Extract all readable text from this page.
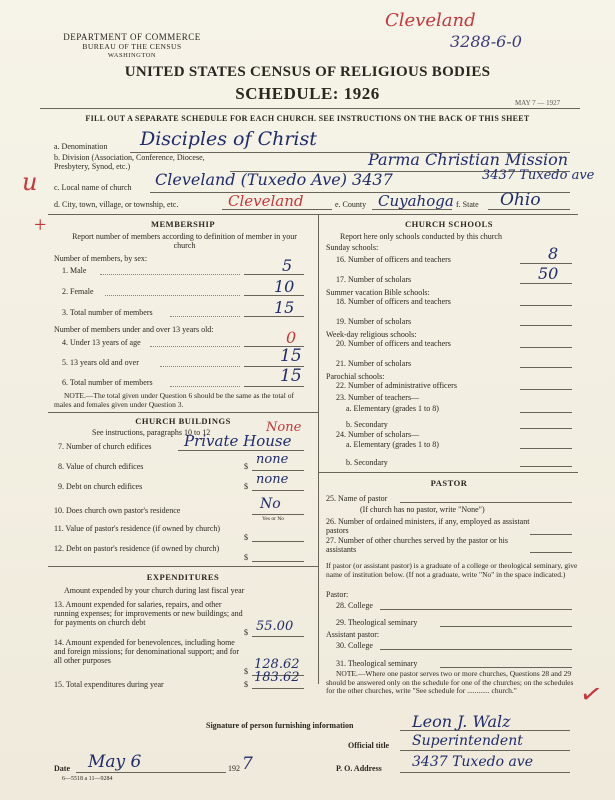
DEPARTMENT OF COMMERCE
BUREAU OF THE CENSUS
WASHINGTON
Cleveland
3288-6-0
UNITED STATES CENSUS OF RELIGIOUS BODIES
SCHEDULE: 1926	MAY 7 — 1927
FILL OUT A SEPARATE SCHEDULE FOR EACH CHURCH. SEE INSTRUCTIONS ON THE BACK OF THIS SHEET
a. Denomination Disciples of Christ
b. Division (Association, Conference, Diocese, Presbytery, Synod, etc.)	Parma Christian Mission
u
+
c. Local name of church Cleveland (Tuxedo Ave) 3437	3437 Tuxedo ave
d. City, town, village, or township, etc.	Cleveland	e. County Cuyahoga f. State Ohio
MEMBERSHIP
Report number of members according to definition of member in your church
Number of members, by sex:
1. Male	5
2. Female	10
3. Total number of members	15
Number of members under and over 13 years old:
4. Under 13 years of age	0
5. 13 years old and over	15
6. Total number of members	15
NOTE.—The total given under Question 6 should be the same as the total of males and females given under Question 3.
CHURCH BUILDINGS
See instructions, paragraphs 10 to 12	None
7. Number of church edifices Private House
8. Value of church edifices	$ none
9. Debt on church edifices	$ none
10. Does church own pastor's residence	No
Yes or No
11. Value of pastor's residence (if owned by church)
$
12. Debt on pastor's residence (if owned by church)
$
EXPENDITURES
Amount expended by your church during last fiscal year
13. Amount expended for salaries, repairs, and other running expenses; for improvements or new buildings; and for payments on church debt
$ 55.00
14. Amount expended for benevolences, including home and foreign missions; for denominational support; and for all other purposes
$ 128.62
15. Total expenditures during year	$ 183.62
CHURCH SCHOOLS
Report here only schools conducted by this church
Sunday schools:
16. Number of officers and teachers	8
17. Number of scholars	50
Summer vacation Bible schools:
18. Number of officers and teachers
19. Number of scholars
Week-day religious schools:
20. Number of officers and teachers
21. Number of scholars
Parochial schools:
22. Number of administrative officers
23. Number of teachers—
a. Elementary (grades 1 to 8)
b. Secondary
24. Number of scholars—
a. Elementary (grades 1 to 8)
b. Secondary
PASTOR
25. Name of pastor
(If church has no pastor, write "None")
26. Number of ordained ministers, if any, employed as assistant pastors
27. Number of other churches served by the pastor or his assistants
If pastor (or assistant pastor) is a graduate of a college or theological seminary, give name of institution below. (If not a graduate, write "No" in the space indicated.)
Pastor:
28. College
29. Theological seminary
Assistant pastor:
30. College
31. Theological seminary
NOTE.—Where one pastor serves two or more churches, Questions 28 and 29 should be answered only on the schedule for one of the churches; on the schedules for the other churches, write "See schedule for ............ church."	✓
Signature of person furnishing information	Leon J. Walz
Official title Superintendent
Date May 6	192 7	P. O. Address 3437 Tuxedo ave
6—5518 a 11—9284
